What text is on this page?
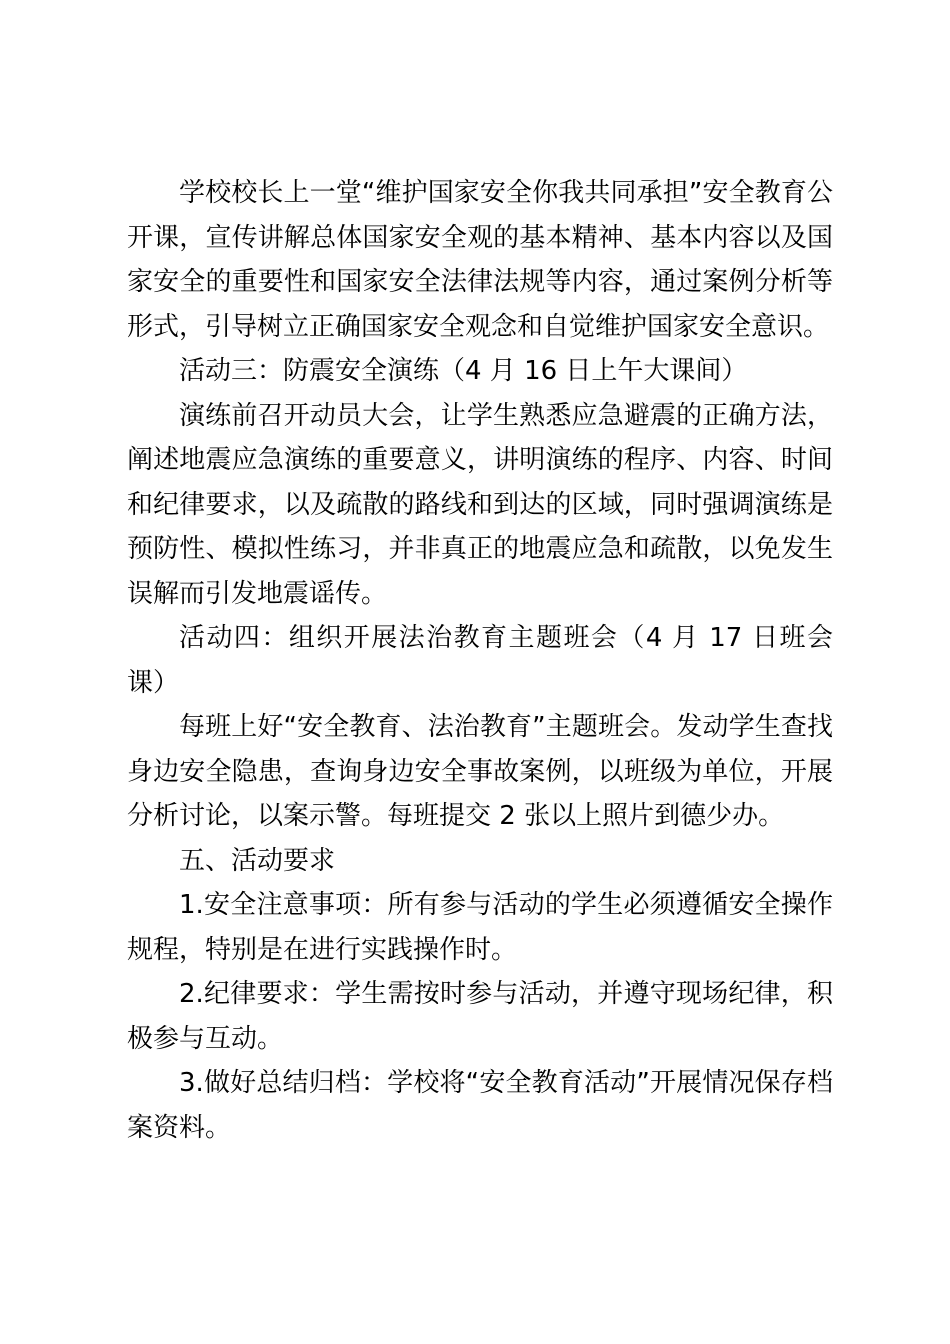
学校校长上一堂“维护国家安全你我共同承担”安全教育公开课，宣传讲解总体国家安全观的基本精神、基本内容以及国家安全的重要性和国家安全法律法规等内容，通过案例分析等形式，引导树立正确国家安全观念和自觉维护国家安全意识。

活动三：防震安全演练（4 月 16 日上午大课间）

演练前召开动员大会，让学生熟悉应急避震的正确方法，阐述地震应急演练的重要意义，讲明演练的程序、内容、时间和纪律要求，以及疏散的路线和到达的区域，同时强调演练是预防性、模拟性练习，并非真正的地震应急和疏散，以免发生误解而引发地震谣传。

活动四：组织开展法治教育主题班会（4 月 17 日班会课）

每班上好“安全教育、法治教育”主题班会。发动学生查找身边安全隐患，查询身边安全事故案例，以班级为单位，开展分析讨论，以案示警。每班提交 2 张以上照片到德少办。

五、活动要求

1.安全注意事项：所有参与活动的学生必须遵循安全操作规程，特别是在进行实践操作时。

2.纪律要求：学生需按时参与活动，并遵守现场纪律，积极参与互动。

3.做好总结归档：学校将“安全教育活动”开展情况保存档案资料。
